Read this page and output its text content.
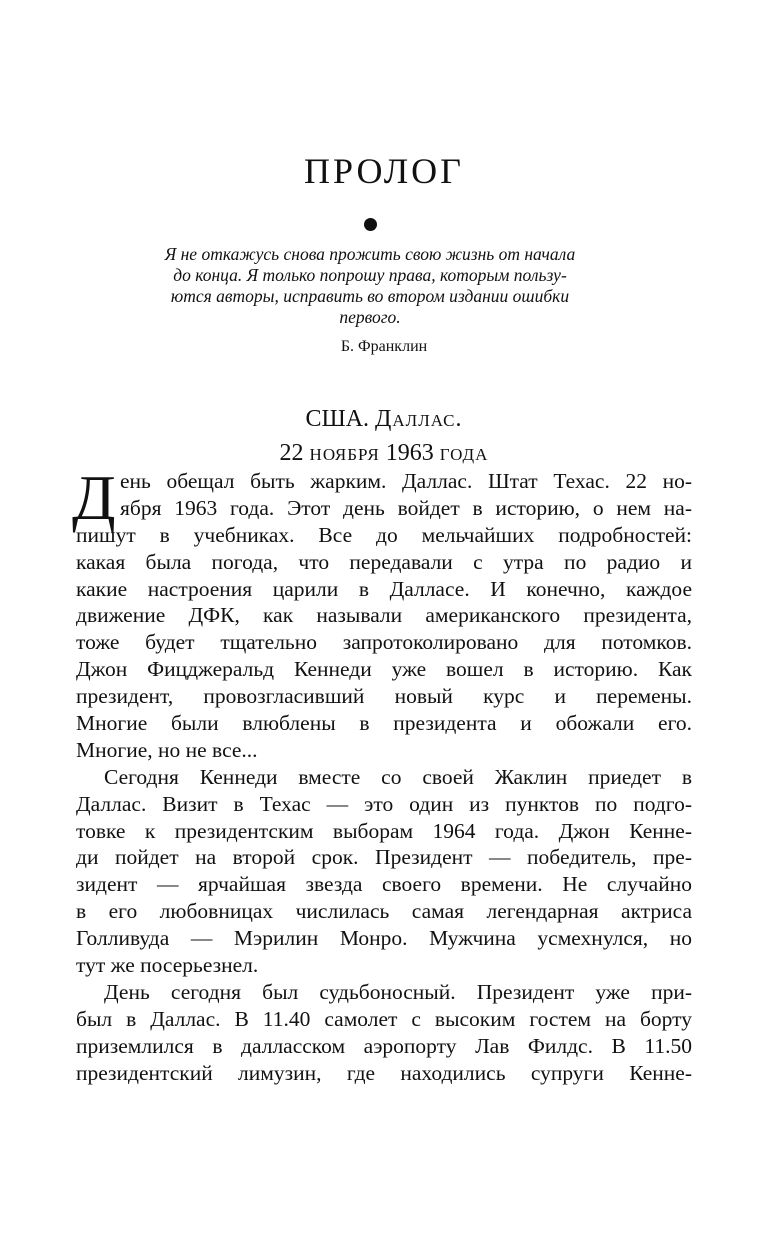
ПРОЛОГ
Я не откажусь снова прожить свою жизнь от начала
до конца. Я только попрошу права, которым пользу-
ются авторы, исправить во втором издании ошибки
первого.
Б. Франклин
США. Даллас.
22 ноября 1963 года
Д ень обещал быть жарким. Даллас. Штат Техас. 22 но-
ября 1963 года. Этот день войдет в историю, о нем на-
пишут в учебниках. Все до мельчайших подробностей:
какая была погода, что передавали с утра по радио и
какие настроения царили в Далласе. И конечно, каждое
движение ДФК, как называли американского президента,
тоже будет тщательно запротоколировано для потомков.
Джон Фицджеральд Кеннеди уже вошел в историю. Как
президент, провозгласивший новый курс и перемены.
Многие были влюблены в президента и обожали его.
Многие, но не все...
Сегодня Кеннеди вместе со своей Жаклин приедет в
Даллас. Визит в Техас — это один из пунктов по подго-
товке к президентским выборам 1964 года. Джон Кенне-
ди пойдет на второй срок. Президент — победитель, пре-
зидент — ярчайшая звезда своего времени. Не случайно
в его любовницах числилась самая легендарная актриса
Голливуда — Мэрилин Монро. Мужчина усмехнулся, но
тут же посерьезнел.
День сегодня был судьбоносный. Президент уже при-
был в Даллас. В 11.40 самолет с высоким гостем на борту
приземлился в далласском аэропорту Лав Филдс. В 11.50
президентский лимузин, где находились супруги Кенне-
